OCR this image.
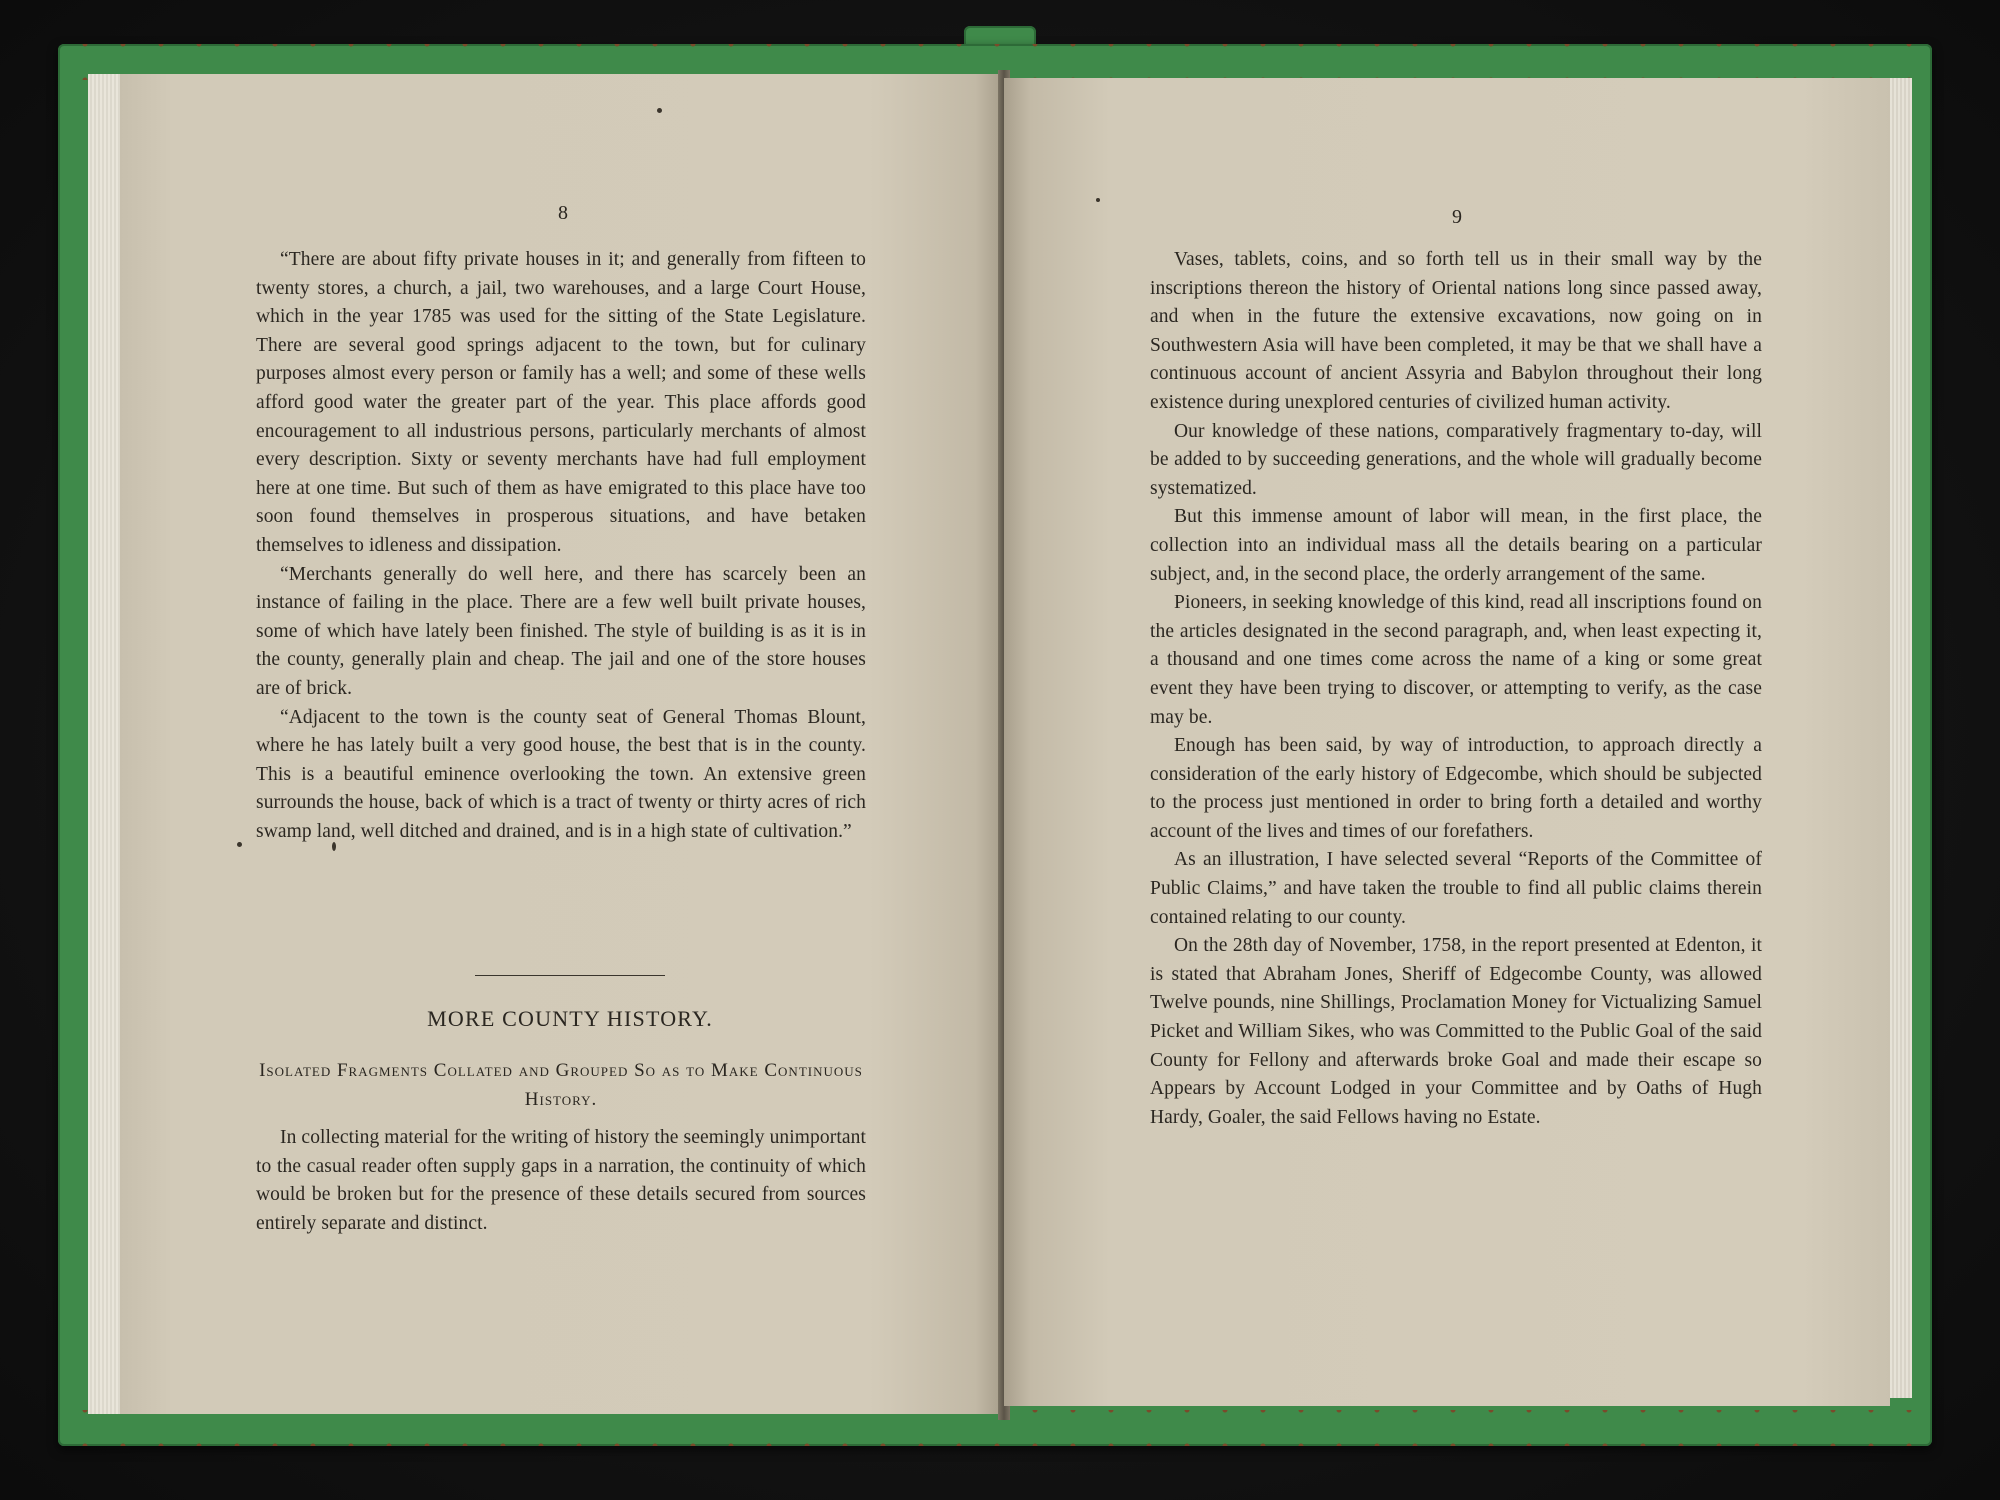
8

“There are about fifty private houses in it; and generally from fifteen to twenty stores, a church, a jail, two warehouses, and a large Court House, which in the year 1785 was used for the sitting of the State Legislature. There are several good springs adjacent to the town, but for culinary purposes almost every person or family has a well; and some of these wells afford good water the greater part of the year. This place affords good encouragement to all industrious persons, particularly merchants of almost every description. Sixty or seventy merchants have had full employment here at one time. But such of them as have emigrated to this place have too soon found themselves in prosperous situations, and have betaken themselves to idleness and dissipation.

“Merchants generally do well here, and there has scarcely been an instance of failing in the place. There are a few well built private houses, some of which have lately been finished. The style of building is as it is in the county, generally plain and cheap. The jail and one of the store houses are of brick.

“Adjacent to the town is the county seat of General Thomas Blount, where he has lately built a very good house, the best that is in the county. This is a beautiful eminence overlooking the town. An extensive green surrounds the house, back of which is a tract of twenty or thirty acres of rich swamp land, well ditched and drained, and is in a high state of cultivation.”

MORE COUNTY HISTORY.
Isolated Fragments Collated and Grouped So as to Make Continuous History.

In collecting material for the writing of history the seemingly unimportant to the casual reader often supply gaps in a narration, the continuity of which would be broken but for the presence of these details secured from sources entirely separate and distinct.

9

Vases, tablets, coins, and so forth tell us in their small way by the inscriptions thereon the history of Oriental nations long since passed away, and when in the future the extensive excavations, now going on in Southwestern Asia will have been completed, it may be that we shall have a continuous account of ancient Assyria and Babylon throughout their long existence during unexplored centuries of civilized human activity.

Our knowledge of these nations, comparatively fragmentary to-day, will be added to by succeeding generations, and the whole will gradually become systematized.

But this immense amount of labor will mean, in the first place, the collection into an individual mass all the details bearing on a particular subject, and, in the second place, the orderly arrangement of the same.

Pioneers, in seeking knowledge of this kind, read all inscriptions found on the articles designated in the second paragraph, and, when least expecting it, a thousand and one times come across the name of a king or some great event they have been trying to discover, or attempting to verify, as the case may be.

Enough has been said, by way of introduction, to approach directly a consideration of the early history of Edgecombe, which should be subjected to the process just mentioned in order to bring forth a detailed and worthy account of the lives and times of our forefathers.

As an illustration, I have selected several “Reports of the Committee of Public Claims,” and have taken the trouble to find all public claims therein contained relating to our county.

On the 28th day of November, 1758, in the report presented at Edenton, it is stated that Abraham Jones, Sheriff of Edgecombe County, was allowed Twelve pounds, nine Shillings, Proclamation Money for Victualizing Samuel Picket and William Sikes, who was Committed to the Public Goal of the said County for Fellony and afterwards broke Goal and made their escape so Appears by Account Lodged in your Committee and by Oaths of Hugh Hardy, Goaler, the said Fellows having no Estate.
